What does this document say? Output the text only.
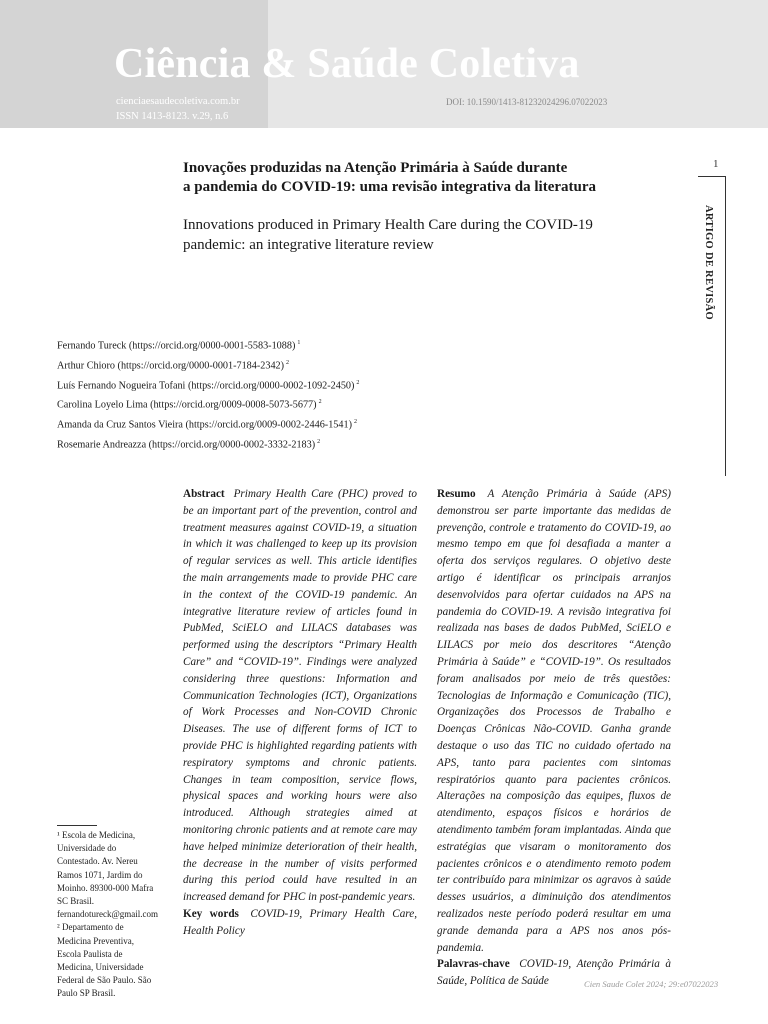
Ciência & Saúde Coletiva
cienciaesaudecoletiva.com.br
ISSN 1413-8123. v.29, n.6
DOI: 10.1590/1413-81232024296.07022023
1
ARTIGO DE REVISÃO
Inovações produzidas na Atenção Primária à Saúde durante
a pandemia do COVID-19: uma revisão integrativa da literatura
Innovations produced in Primary Health Care during the COVID-19
pandemic: an integrative literature review
Fernando Tureck (https://orcid.org/0000-0001-5583-1088) $^1$
Arthur Chioro (https://orcid.org/0000-0001-7184-2342) $^2$
Luís Fernando Nogueira Tofani (https://orcid.org/0000-0002-1092-2450) $^2$
Carolina Loyelo Lima (https://orcid.org/0009-0008-5073-5677) $^2$
Amanda da Cruz Santos Vieira (https://orcid.org/0009-0002-2446-1541) $^2$
Rosemarie Andreazza (https://orcid.org/0000-0002-3332-2183) $^2$
Abstract Primary Health Care (PHC) proved to be an important part of the prevention, control and treatment measures against COVID-19, a situation in which it was challenged to keep up its provision of regular services as well. This article identifies the main arrangements made to provide PHC care in the context of the COVID-19 pandemic. An integrative literature review of articles found in PubMed, SciELO and LILACS databases was performed using the descriptors “Primary Health Care” and “COVID-19”. Findings were analyzed considering three questions: Information and Communication Technologies (ICT), Organizations of Work Processes and Non-COVID Chronic Diseases. The use of different forms of ICT to provide PHC is highlighted regarding patients with respiratory symptoms and chronic patients. Changes in team composition, service flows, physical spaces and working hours were also introduced. Although strategies aimed at monitoring chronic patients and at remote care may have helped minimize deterioration of their health, the decrease in the number of visits performed during this period could have resulted in an increased demand for PHC in post-pandemic years.
Key words COVID-19, Primary Health Care, Health Policy
Resumo A Atenção Primária à Saúde (APS) demonstrou ser parte importante das medidas de prevenção, controle e tratamento do COVID-19, ao mesmo tempo em que foi desafiada a manter a oferta dos serviços regulares. O objetivo deste artigo é identificar os principais arranjos desenvolvidos para ofertar cuidados na APS na pandemia do COVID-19. A revisão integrativa foi realizada nas bases de dados PubMed, SciELO e LILACS por meio dos descritores “Atenção Primária à Saúde” e “COVID-19”. Os resultados foram analisados por meio de três questões: Tecnologias de Informação e Comunicação (TIC), Organizações dos Processos de Trabalho e Doenças Crônicas Não-COVID. Ganha grande destaque o uso das TIC no cuidado ofertado na APS, tanto para pacientes com sintomas respiratórios quanto para pacientes crônicos. Alterações na composição das equipes, fluxos de atendimento, espaços físicos e horários de atendimento também foram implantadas. Ainda que estratégias que visaram o monitoramento dos pacientes crônicos e o atendimento remoto podem ter contribuído para minimizar os agravos à saúde desses usuários, a diminuição dos atendimentos realizados neste período poderá resultar em uma grande demanda para a APS nos anos pós-pandemia.
Palavras-chave COVID-19, Atenção Primária à Saúde, Política de Saúde
¹ Escola de Medicina, Universidade do Contestado. Av. Nereu Ramos 1071, Jardim do Moinho. 89300-000 Mafra SC Brasil. fernandotureck@gmail.com
² Departamento de Medicina Preventiva, Escola Paulista de Medicina, Universidade Federal de São Paulo. São Paulo SP Brasil.
Cien Saude Colet 2024; 29:e07022023
